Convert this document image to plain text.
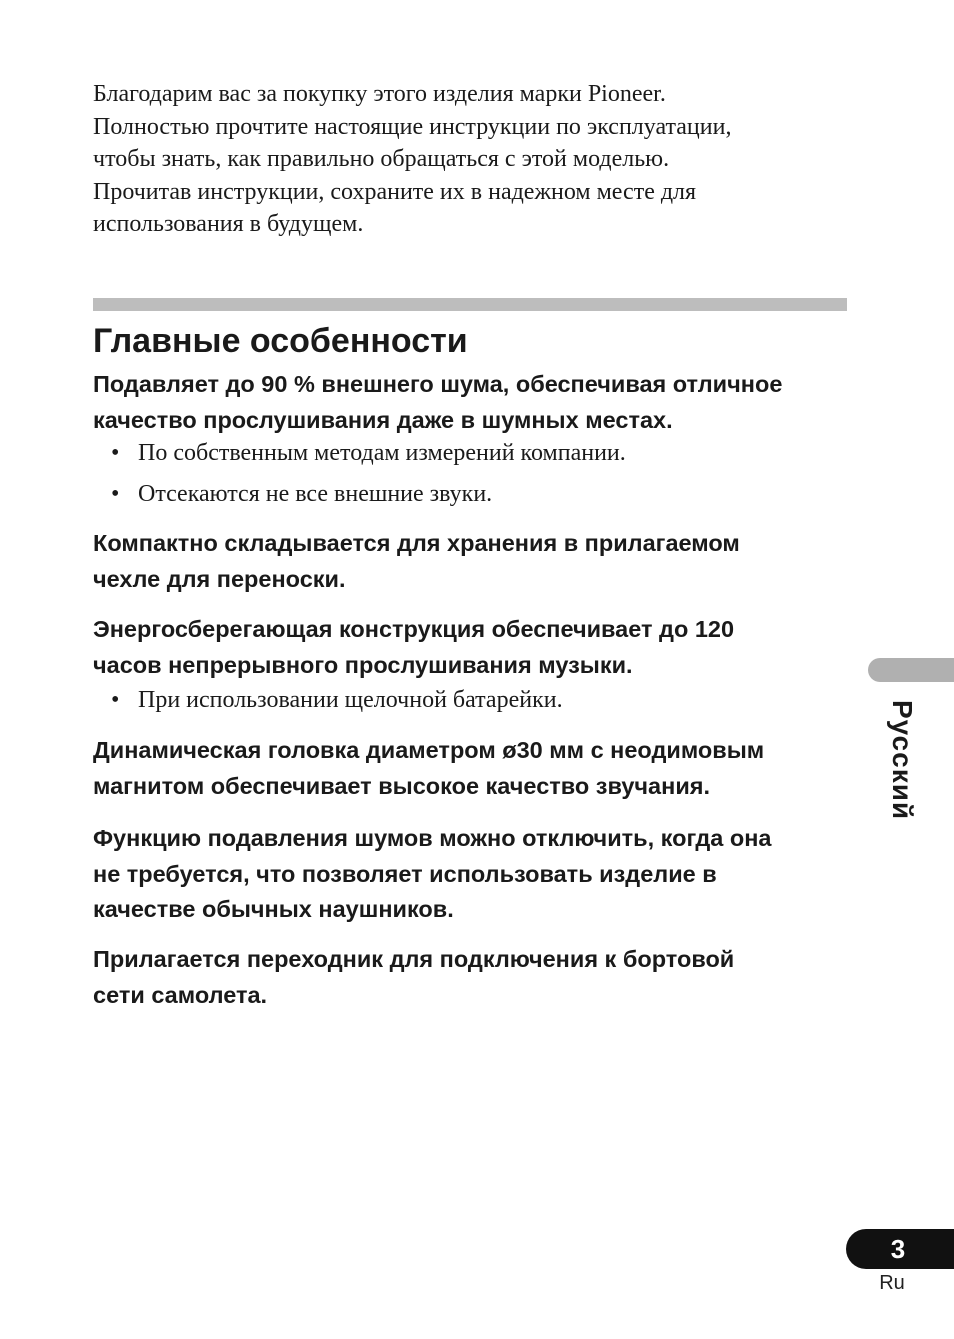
Благодарим вас за покупку этого изделия марки Pioneer.
Полностью прочтите настоящие инструкции по эксплуатации,
чтобы знать, как правильно обращаться с этой моделью.
Прочитав инструкции, сохраните их в надежном месте для
использования в будущем.
Главные особенности
Подавляет до 90 % внешнего шума, обеспечивая отличное
качество прослушивания даже в шумных местах.
• По собственным методам измерений компании.
• Отсекаются не все внешние звуки.
Компактно складывается для хранения в прилагаемом
чехле для переноски.
Энергосберегающая конструкция обеспечивает до 120
часов непрерывного прослушивания музыки.
• При использовании щелочной батарейки.
Динамическая головка диаметром ø30 мм с неодимовым
магнитом обеспечивает высокое качество звучания.
Функцию подавления шумов можно отключить, когда она
не требуется, что позволяет использовать изделие в
качестве обычных наушников.
Прилагается переходник для подключения к бортовой
сети самолета.
Русский
3
Ru
